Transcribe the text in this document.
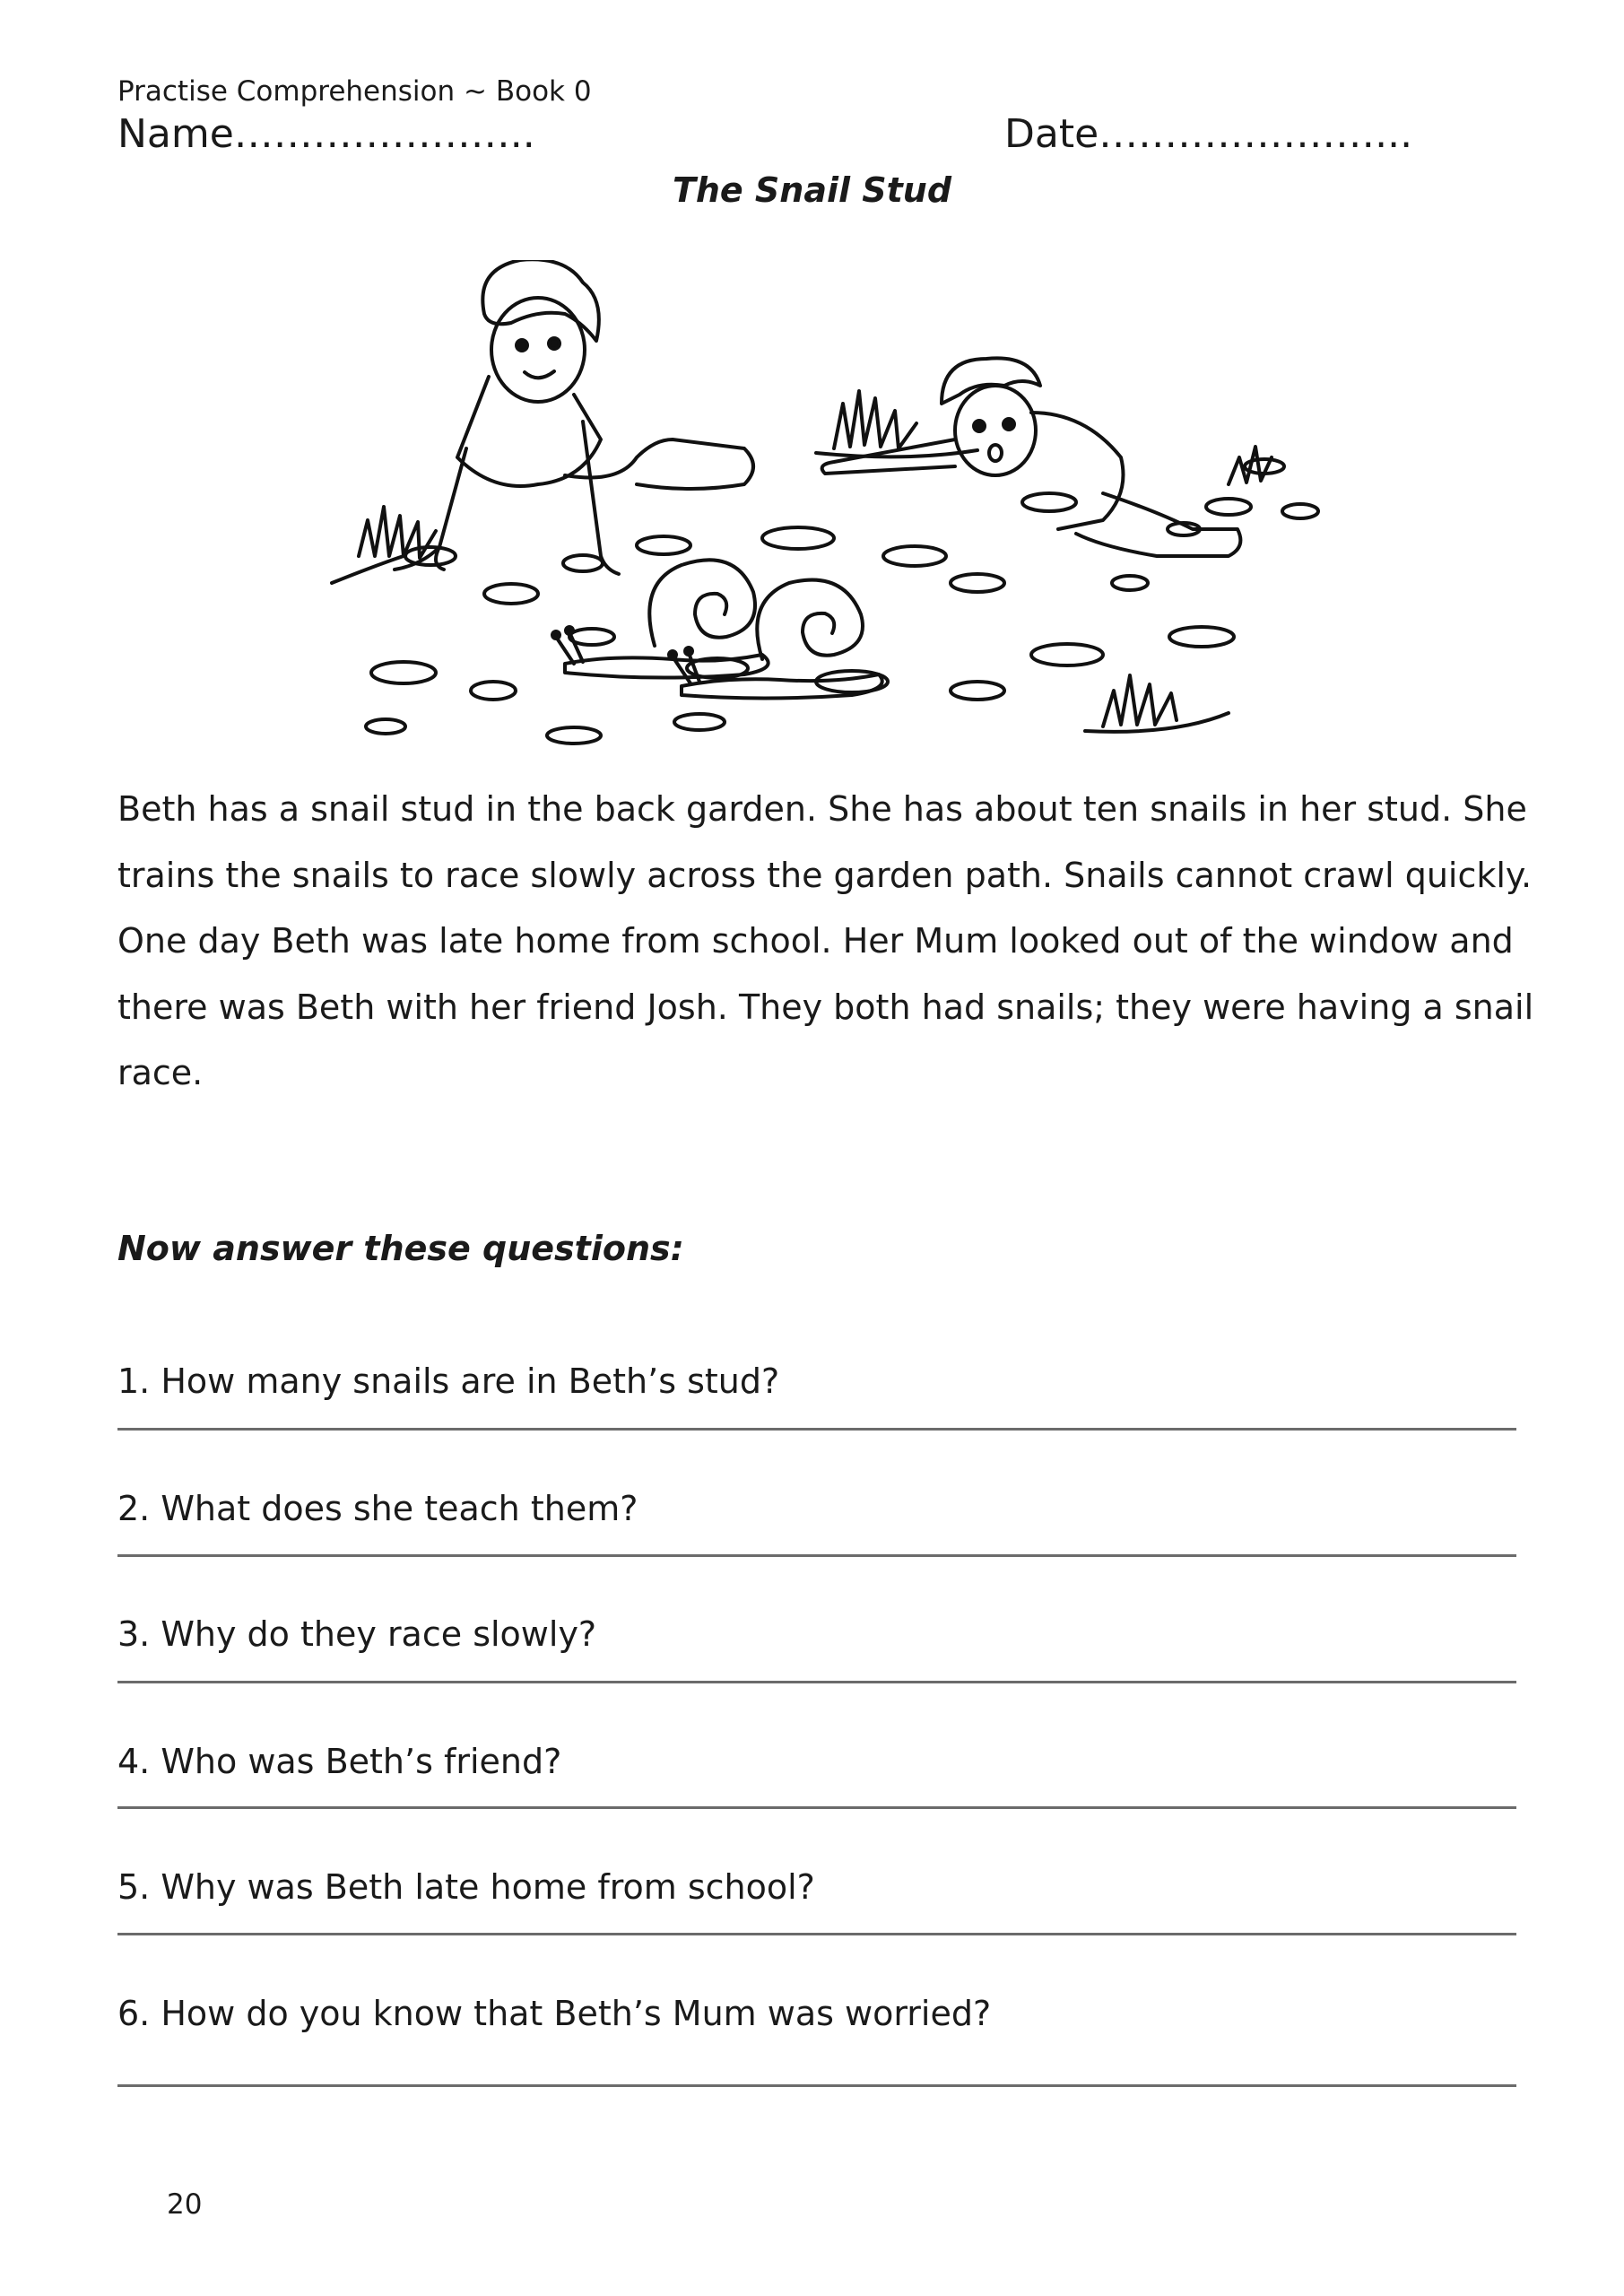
Practise Comprehension ~ Book 0

Name…………………..	Date…………………...

The Snail Stud

Beth has a snail stud in the back garden. She has about ten snails in her stud. She trains the snails to race slowly across the garden path. Snails cannot crawl quickly.

One day Beth was late home from school. Her Mum looked out of the window and there was Beth with her friend Josh. They both had snails; they were having a snail race.

Now answer these questions:

1. How many snails are in Beth’s stud?

2. What does she teach them?

3. Why do they race slowly?

4. Who was Beth’s friend?

5. Why was Beth late home from school?

6. How do you know that Beth’s Mum was worried?

20
